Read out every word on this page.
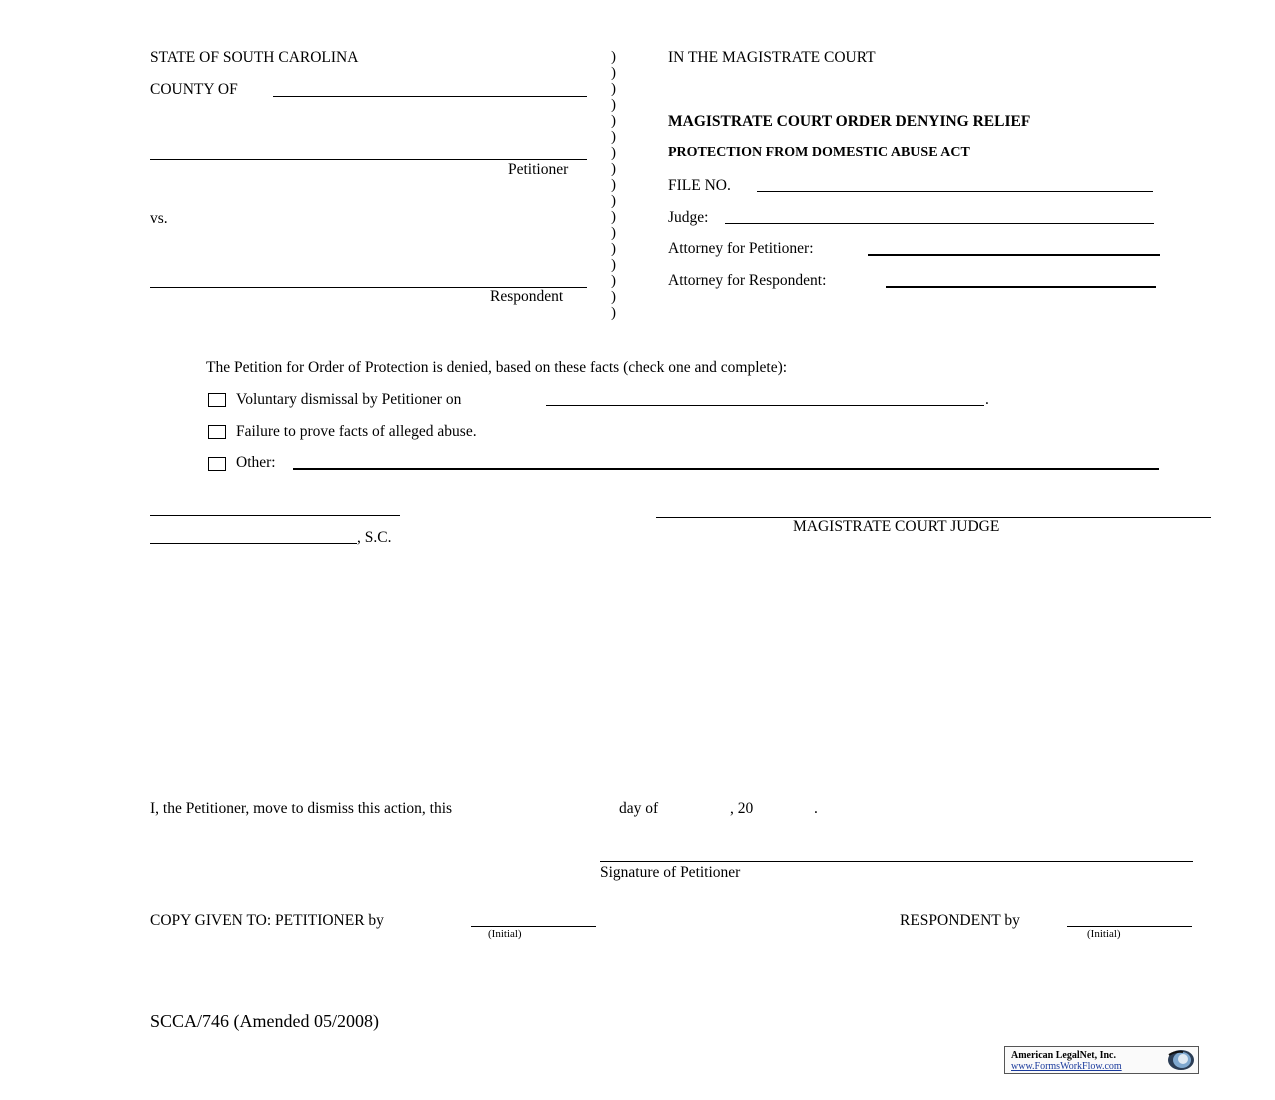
STATE OF SOUTH CAROLINA
COUNTY OF
Petitioner
vs.
Respondent
)
)
)
)
)
)
)
)
)
)
)
)
)
)
)
)
)
IN THE MAGISTRATE COURT
MAGISTRATE COURT ORDER DENYING RELIEF
PROTECTION FROM DOMESTIC ABUSE ACT
FILE NO.
Judge:
Attorney for Petitioner:
Attorney for Respondent:
The Petition for Order of Protection is denied, based on these facts (check one and complete):
Voluntary dismissal by Petitioner on	.
Failure to prove facts of alleged abuse.
Other:
, S.C.
MAGISTRATE COURT JUDGE
I, the Petitioner, move to dismiss this action, this	day of	, 20	.
Signature of Petitioner
COPY GIVEN TO: PETITIONER by
(Initial)
RESPONDENT by
(Initial)
SCCA/746 (Amended 05/2008)
American LegalNet, Inc.
www.FormsWorkFlow.com
